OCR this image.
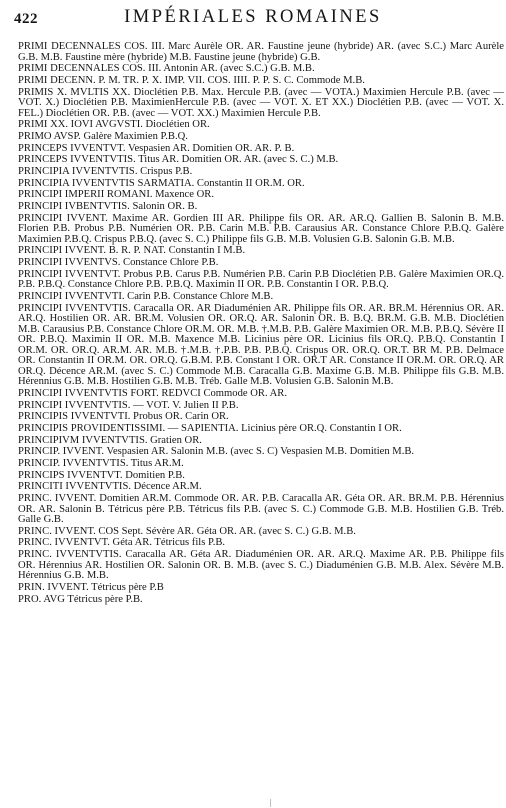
422	IMPÉRIALES ROMAINES

PRIMI DECENNALES COS. III. Marc Aurèle OR. AR. Faustine jeune (hybride) AR. (avec S.C.) Marc Aurèle G.B. M.B. Faustine mère (hybride) M.B. Faustine jeune (hybride) G.B.

PRIMI DECENNALES COS. III. Antonin AR. (avec S.C.) G.B. M.B.

PRIMI DECENN. P. M. TR. P. X. IMP. VII. COS. IIII. P. P. S. C. Commode M.B.

PRIMIS X. MVLTIS XX. Dioclétien P.B. Max. Hercule P.B. (avec — VOTA.) Maximien Hercule P.B. (avec — VOT. X.) Dioclétien P.B. MaximienHercule P.B. (avec — VOT. X. ET XX.) Dioclétien P.B. (avec — VOT. X. FEL.) Dioclétien OR. P.B. (avec — VOT. XX.) Maximien Hercule P.B.

PRIMI XX. IOVI AVGVSTI. Dioclétien OR.

PRIMO AVSP. Galère Maximien P.B.Q.

PRINCEPS IVVENTVT. Vespasien AR. Domitien OR. AR. P. B.

PRINCEPS IVVENTVTIS. Titus AR. Domitien OR. AR. (avec S. C.) M.B.

PRINCIPIA IVVENTVTIS. Crispus P.B.

PRINCIPIA IVVENTVTIS SARMATIA. Constantin II OR.M. OR.

PRINCIPI IMPERII ROMANI. Maxence OR.

PRINCIPI IVBENTVTIS. Salonin OR. B.

PRINCIPI IVVENT. Maxime AR. Gordien III AR. Philippe fils OR. AR. AR.Q. Gallien B. Salonin B. M.B. Florien P.B. Probus P.B. Numérien OR. P.B. Carin M.B. P.B. Carausius AR. Constance Chlore P.B.Q. Galère Maximien P.B.Q. Crispus P.B.Q. (avec S. C.) Philippe fils G.B. M.B. Volusien G.B. Salonin G.B. M.B.

PRINCIPI IVVENT. B. R. P. NAT. Constantin I M.B.

PRINCIPI IVVENTVS. Constance Chlore P.B.

PRINCIPI IVVENTVT. Probus P.B. Carus P.B. Numérien P.B. Carin P.B Dioclétien P.B. Galère Maximien OR.Q. P.B. P.B.Q. Constance Chlore P.B. P.B.Q. Maximin II OR. P.B. Constantin I OR. P.B.Q.

PRINCIPI IVVENTVTI. Carin P.B. Constance Chlore M.B.

PRINCIPI IVVENTVTIS. Caracalla OR. AR Diaduménien AR. Philippe fils OR. AR. BR.M. Hérennius OR. AR. AR.Q. Hostilien OR. AR. BR.M. Volusien OR. OR.Q. AR. Salonin OR. B. B.Q. BR.M. G.B. M.B. Dioclétien M.B. Carausius P.B. Constance Chlore OR.M. OR. M.B. †.M.B. P.B. Galère Maximien OR. M.B. P.B.Q. Sévère II OR. P.B.Q. Maximin II OR. M.B. Maxence M.B. Licinius père OR. Licinius fils OR.Q. P.B.Q. Constantin I OR.M. OR. OR.Q. AR.M. AR. M.B. †.M.B. †.P.B. P.B. P.B.Q. Crispus OR. OR.Q. OR.T. BR M. P.B. Delmace OR. Constantin II OR.M. OR. OR.Q. G.B.M. P.B. Constant I OR. OR.T AR. Constance II OR.M. OR. OR.Q. AR OR.Q. Décence AR.M. (avec S. C.) Commode M.B. Caracalla G.B. Maxime G.B. M.B. Philippe fils G.B. M.B. Hérennius G.B. M.B. Hostilien G.B. M.B. Tréb. Galle M.B. Volusien G.B. Salonin M.B.

PRINCIPI IVVENTVTIS FORT. REDVCI Commode OR. AR.

PRINCIPI IVVENTVTIS. — VOT. V. Julien II P.B.

PRINCIPIS IVVENTVTI. Probus OR. Carin OR.

PRINCIPIS PROVIDENTISSIMI. — SAPIENTIA. Licinius père OR.Q. Constantin I OR.

PRINCIPIVM IVVENTVTIS. Gratien OR.

PRINCIP. IVVENT. Vespasien AR. Salonin M.B. (avec S. C) Vespasien M.B. Domitien M.B.

PRINCIP. IVVENTVTIS. Titus AR.M.

PRINCIPS IVVENTVT. Domitien P.B.

PRINCITI IVVENTVTIS. Décence AR.M.

PRINC. IVVENT. Domitien AR.M. Commode OR. AR. P.B. Caracalla AR. Géta OR. AR. BR.M. P.B. Hérennius OR. AR. Salonin B. Tétricus père P.B. Tétricus fils P.B. (avec S. C.) Commode G.B. M.B. Hostilien G.B. Tréb. Galle G.B.

PRINC. IVVENT. COS Sept. Sévère AR. Géta OR. AR. (avec S. C.) G.B. M.B.

PRINC. IVVENTVT. Géta AR. Tétricus fils P.B.

PRINC. IVVENTVTIS. Caracalla AR. Géta AR. Diaduménien OR. AR. AR.Q. Maxime AR. P.B. Philippe fils OR. Hérennius AR. Hostilien OR. Salonin OR. B. M.B. (avec S. C.) Diaduménien G.B. M.B. Alex. Sévère M.B. Hérennius G.B. M.B.

PRIN. IVVENT. Tétricus père P.B

PRO. AVG Tétricus père P.B.

|
